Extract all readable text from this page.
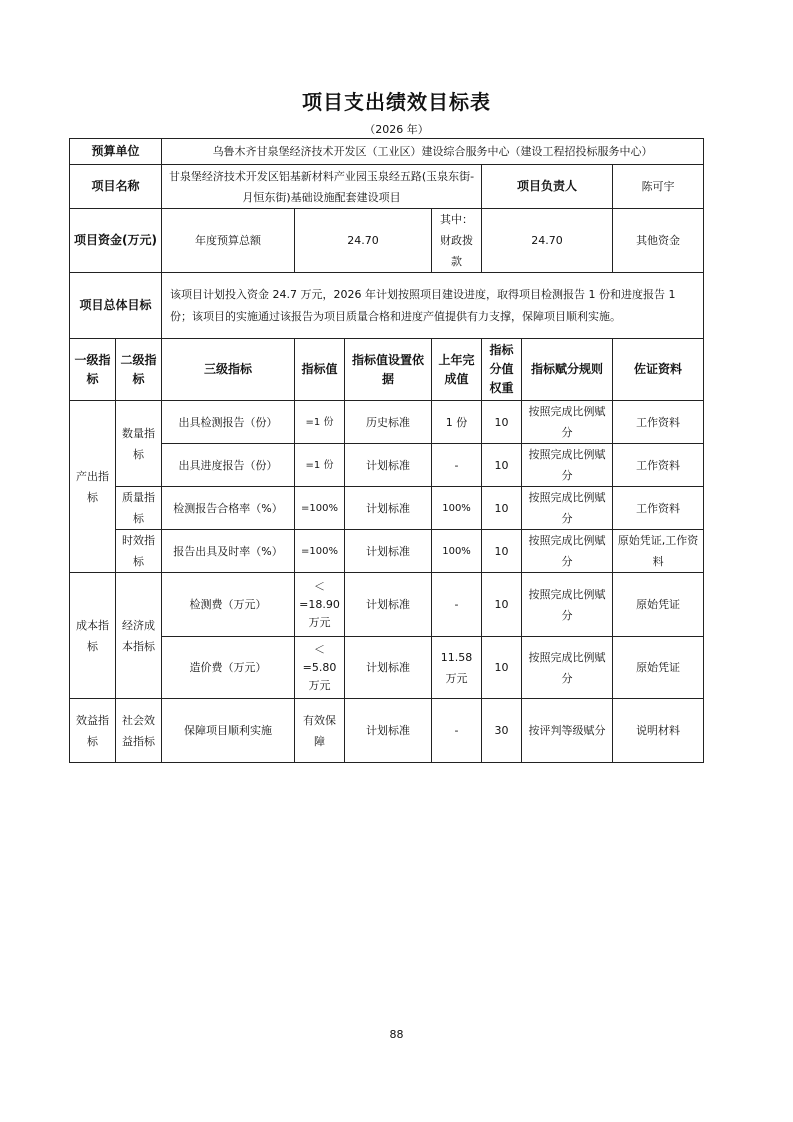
项目支出绩效目标表
（2026 年）
预算单位		乌鲁木齐甘泉堡经济技术开发区（工业区）建设综合服务中心（建设工程招投标服务中心）							
项目名称		甘泉堡经济技术开发区铝基新材料产业园玉泉经五路(玉泉东街-月恒东街)基础设施配套建设项目				项目负责人		陈可宇	
项目资金(万元)		年度预算总额	24.70		其中：财政拨款	24.70		其他资金	
项目总体目标		该项目计划投入资金 24.7 万元，2026 年计划按照项目建设进度，取得项目检测报告 1 份和进度报告 1 份；该项目的实施通过该报告为项目质量合格和进度产值提供有力支撑，保障项目顺利实施。							
一级指标	二级指标	三级指标	指标值	指标值设置依据	上年完成值	指标分值权重	指标赋分规则	佐证资料	
产出指标	数量指标	出具检测报告（份）	=1 份	历史标准	1 份	10	按照完成比例赋分	工作资料	
		出具进度报告（份）	=1 份	计划标准	-	10	按照完成比例赋分	工作资料	
	质量指标	检测报告合格率（%）	=100%	计划标准	100%	10	按照完成比例赋分	工作资料	
	时效指标	报告出具及时率（%）	=100%	计划标准	100%	10	按照完成比例赋分	原始凭证,工作资料	
成本指标	经济成本指标	检测费（万元）	＜ =18.90 万元	计划标准	-	10	按照完成比例赋分	原始凭证	
		造价费（万元）	＜ =5.80 万元	计划标准	11.58 万元	10	按照完成比例赋分	原始凭证	
效益指标	社会效益指标	保障项目顺利实施	有效保障	计划标准	-	30	按评判等级赋分	说明材料	
88
